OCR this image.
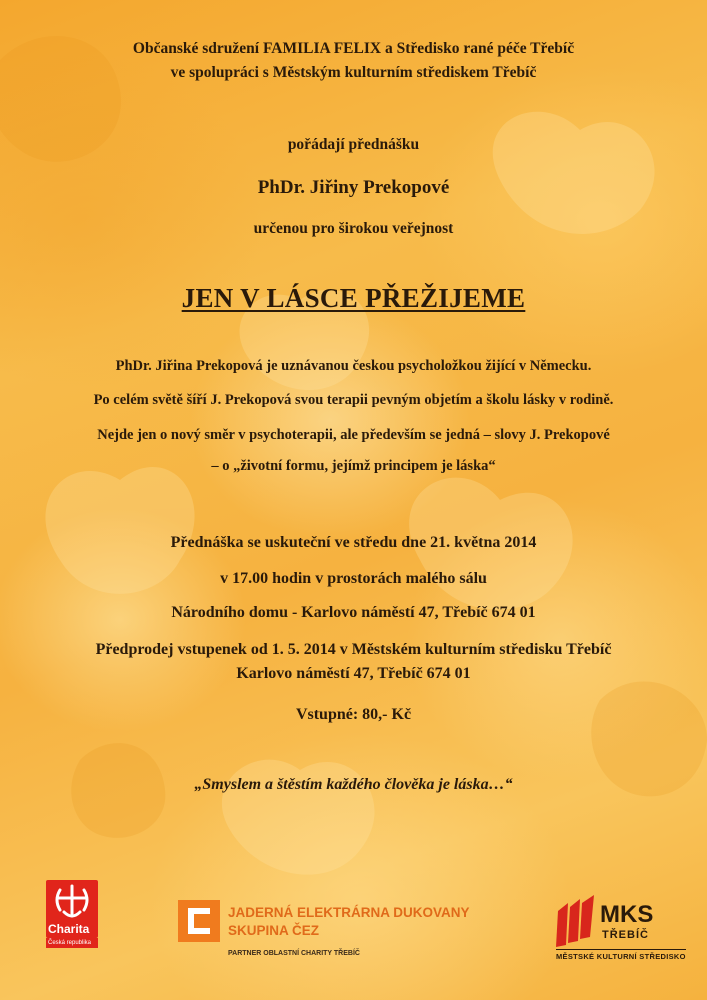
Občanské sdružení FAMILIA FELIX a Středisko rané péče Třebíč
ve spolupráci s Městským kulturním střediskem Třebíč
pořádají přednášku
PhDr. Jiřiny Prekopové
určenou pro širokou veřejnost
JEN V LÁSCE PŘEŽIJEME
PhDr. Jiřina Prekopová je uznávanou českou psycholožkou žijící v Německu.
Po celém světě šíří J. Prekopová svou terapii pevným objetím a školu lásky v rodině.
Nejde jen o nový směr v psychoterapii, ale především se jedná – slovy J. Prekopové
– o „životní formu, jejímž principem je láska“
Přednáška se uskuteční ve středu dne 21. května 2014
v 17.00 hodin v prostorách malého sálu
Národního domu - Karlovo náměstí 47, Třebíč 674 01
Předprodej vstupenek od 1. 5. 2014 v Městském kulturním středisku Třebíč
Karlovo náměstí 47, Třebíč 674 01
Vstupné: 80,- Kč
„Smyslem a štěstím každého člověka je láska…“
Charita
Česká republika
JADERNÁ ELEKTRÁRNA DUKOVANY
SKUPINA ČEZ
PARTNER OBLASTNÍ CHARITY TŘEBÍČ
MKS
TŘEBÍČ
MĚSTSKÉ KULTURNÍ STŘEDISKO
